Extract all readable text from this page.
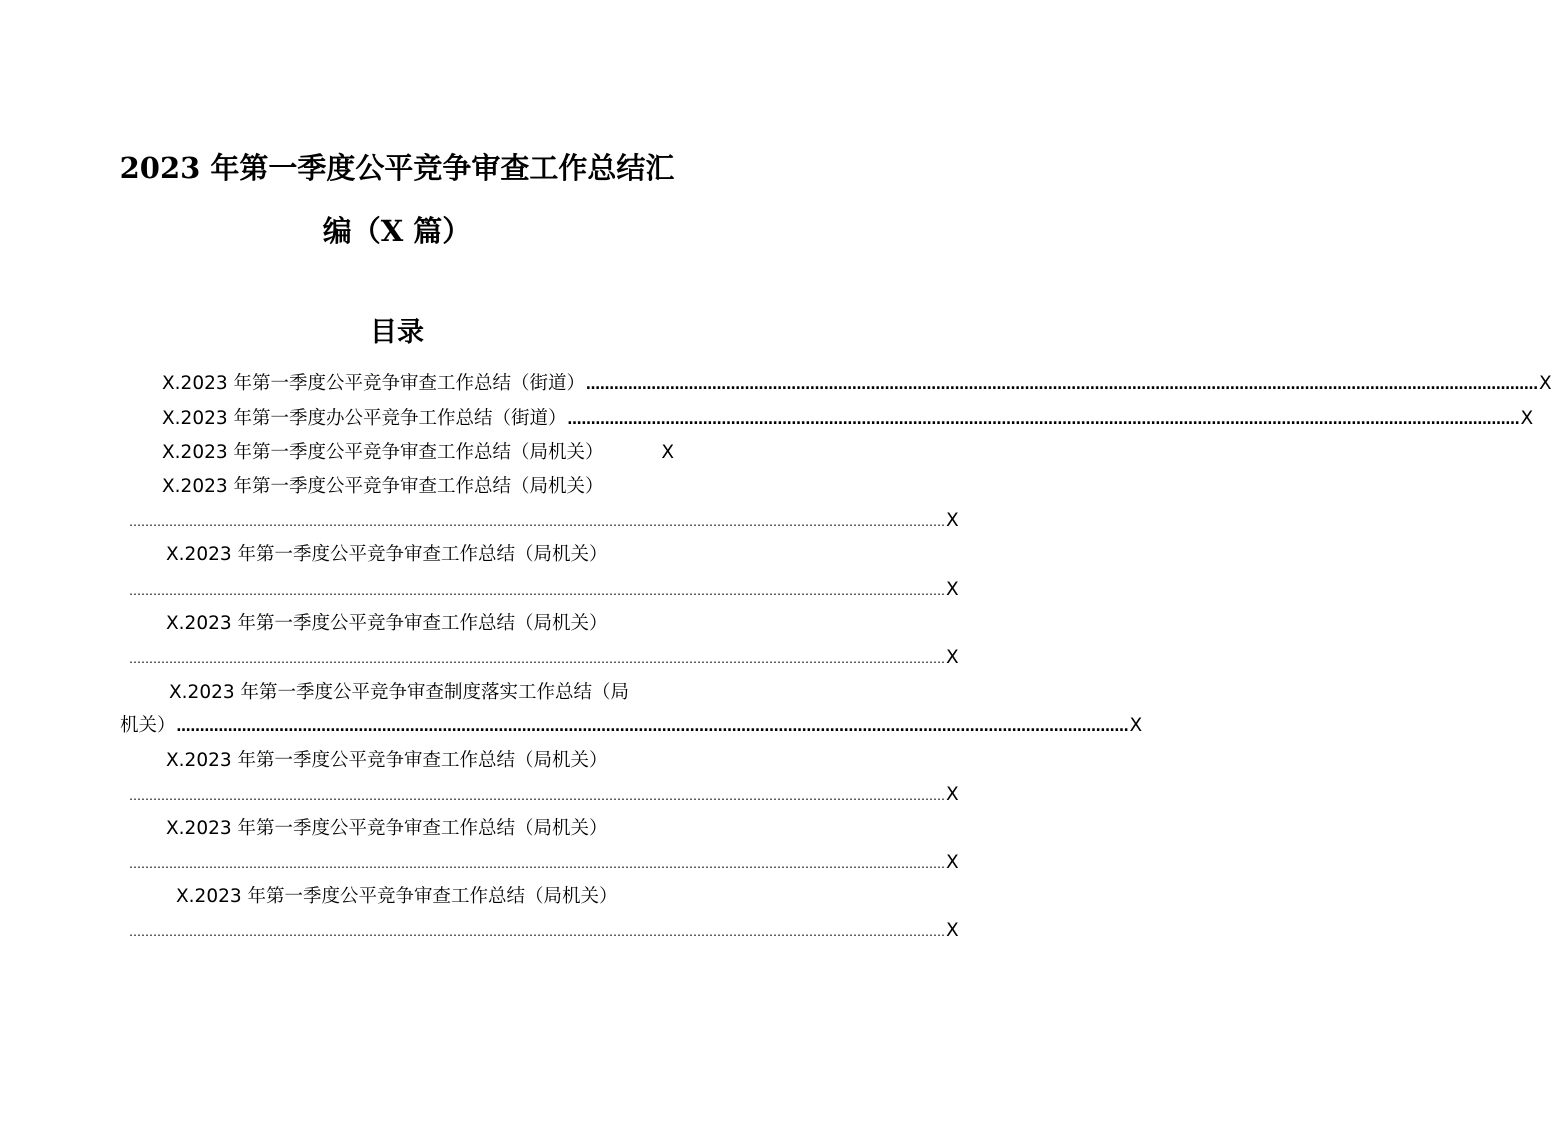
2023 年第一季度公平竞争审查工作总结汇
编（X 篇）
目录
X.2023 年第一季度公平竞争审查工作总结（街道） …………………………………………………………………………………………………………………………………………………………………………………… X
X.2023 年第一季度办公平竞争工作总结（街道） …………………………………………………………………………………………………………………………………………………………………………………… X
X.2023 年第一季度公平竞争审查工作总结（局机关）	X
X.2023 年第一季度公平竞争审查工作总结（局机关）
…………………………………………………………………………………………………………………………………………………………………………………… X
X.2023 年第一季度公平竞争审查工作总结（局机关）
…………………………………………………………………………………………………………………………………………………………………………………… X
X.2023 年第一季度公平竞争审查工作总结（局机关）
…………………………………………………………………………………………………………………………………………………………………………………… X
X.2023 年第一季度公平竞争审查制度落实工作总结（局
机关） …………………………………………………………………………………………………………………………………………………………………………………… X
X.2023 年第一季度公平竞争审查工作总结（局机关）
…………………………………………………………………………………………………………………………………………………………………………………… X
X.2023 年第一季度公平竞争审查工作总结（局机关）
…………………………………………………………………………………………………………………………………………………………………………………… X
X.2023 年第一季度公平竞争审查工作总结（局机关）
…………………………………………………………………………………………………………………………………………………………………………………… X
